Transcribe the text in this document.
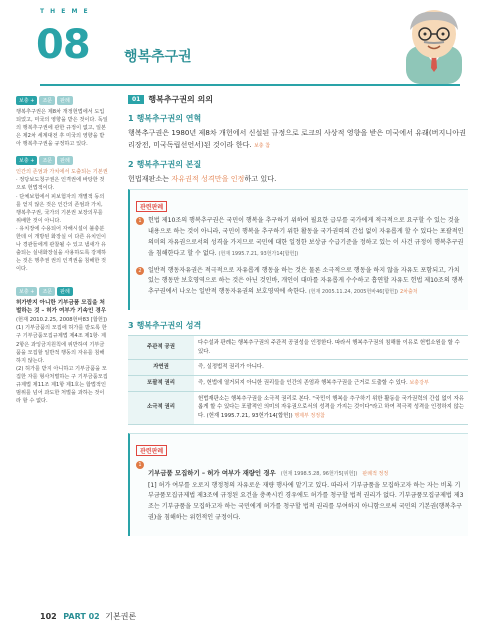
T H E M E
08 행복추구권
보충 +	조문	판례
행복추구권은 제8차 개정헌법에서 도입되었고, 미국의 영향을 받은 것이다. 독일의 행복추구권에 관한 규정이 없고, 일본은 제2차 세계대전 후 미국의 영향을 받아 행복추구권을 규정하고 있다.
보충 +	조문	판례
인간의 존엄과 가치에서 도출되는 기본권
· 정당보도청구권은 인격권에 바탕한 것으로 헌법적이다.
· 단체보험에서 피보험자의 개별적 동의를 얻지 않은 것은 인간의 존엄과 가치, 행복추구권, 국가의 기본권 보장의무를 위배한 것이 아니다.
· 유치장에 수용되어 자해시설이 불충분한데 이 개방된 화장실 이 다른 유치인이나 경관들에게 관찰될 수 있고 냄새가 유출되는 실내화장실을 사용하도록 강제하는 것은 행추권 권의 인격권을 침해한 것이다.
보충 +	조문	판례
허가받지 아니한 기부금품 모집을 처벌하는 것 – 허가 여부가 기속인 경우
(헌재 2010.2.25, 2008헌바83 [합헌])
(1) 기부금품의 모집에 허가를 받도록 한 구 기부금품모집규제법 제4조 제1항· 제2항은 과잉금지원칙에 위반하여 기부금품을 모집할 일반적 행동의 자유를 침해하지 않는다.
(2) 허가를 받지 아니하고 기부금품을 모집한 자를 형사처벌하는 구 기부금품모집규제법 제11조 제1항 제1호는 합법적인 범위를 넘어 과도한 처벌을 과하는 것이라 할 수 없다.
01	행복추구권의 의의
1 행복추구권의 연혁
행복추구권은 1980년 제8차 개헌에서 신설된 규정으로 로크의 사상적 영향을 받은 미국에서 유래(버지니아권리장전, 미국독립선언서)된 것이라 한다. 보충 참
2 행복추구권의 본질
헌법재판소는 자유권적 성격만을 인정하고 있다.
관련판례
1	헌법 제10조의 행복추구권은 국민이 행복을 추구하기 위하여 필요한 급부를 국가에게 적극적으로 요구할 수 있는 것을 내용으로 하는 것이 아니라, 국민이 행복을 추구하기 위한 활동을 국가권력의 간섭 없이 자유롭게 할 수 있다는 포괄적인 의미의 자유권으로서의 성격을 가지므로 국민에 대한 일정한 보상금 수급기준을 정하고 있는 이 사건 규정이 행복추구권을 침해한다고 할 수 없다. (헌재 1995.7.21, 93헌가14[합헌])
2	일반적 행동자유권은 적극적으로 자유롭게 행동을 하는 것은 물론 소극적으로 행동을 하지 않을 자유도 포함되고, 가치있는 행동만 보호영역으로 하는 것은 아닌 것인바, 개인이 대마를 자유롭게 수수하고 흡연할 자유도 헌법 제10조의 행복추구권에서 나오는 일반적 행동자유권의 보호영역에 속한다. (헌재 2005.11.24, 2005헌바46[합헌]) 2차출처
3 행복추구권의 성격
주관적 공권	다수설과 판례는 행복추구권의 주관적 공권성을 인정한다. 따라서 행복추구권의 침해를 이유로 헌법소원을 할 수 있다.
자연권	즉, 실정법적 권리가 아니다.
포괄적 권리	즉, 헌법에 열거되지 아니한 권리들을 인간의 존엄과 행복추구권을 근거로 도출할 수 있다. 보충강부
소극적 권리	헌법재판소는 행복추구권을 소극적 권리로 본다. "국민이 행복을 추구하기 위한 활동을 국가권력의 간섭 없이 자유롭게 할 수 있다는 포괄적인 의미의 자유권으로서의 성격을 가지는 것이다"라고 하여 적극적 성격을 인정하지 않는다. (헌재 1995.7.21, 93헌가14[합헌]) 행제부 정정참
관련판례
1
기부금품 모집하기 – 허가 여부가 재량인 경우 (헌재 1998.5.28, 96헌가5[위헌]) 판례적 정정
[1] 허가 여부를 오로지 행정청의 자유로운 재량 행사에 맡기고 있다. 따라서 기부금품을 모집하고자 하는 자는 비록 기부금품모집규제법 제3조에 규정된 요건을 충족시킨 경우에도 허가를 청구할 법적 권리가 없다. 기부금품모집규제법 제3조는 기부금품을 모집하고자 하는 국민에게 허가를 청구할 법적 권리를 부여하지 아니함으로써 국민의 기본권(행복추구권)을 침해하는 위헌적인 규정이다.
102 PART 02 기본권론
